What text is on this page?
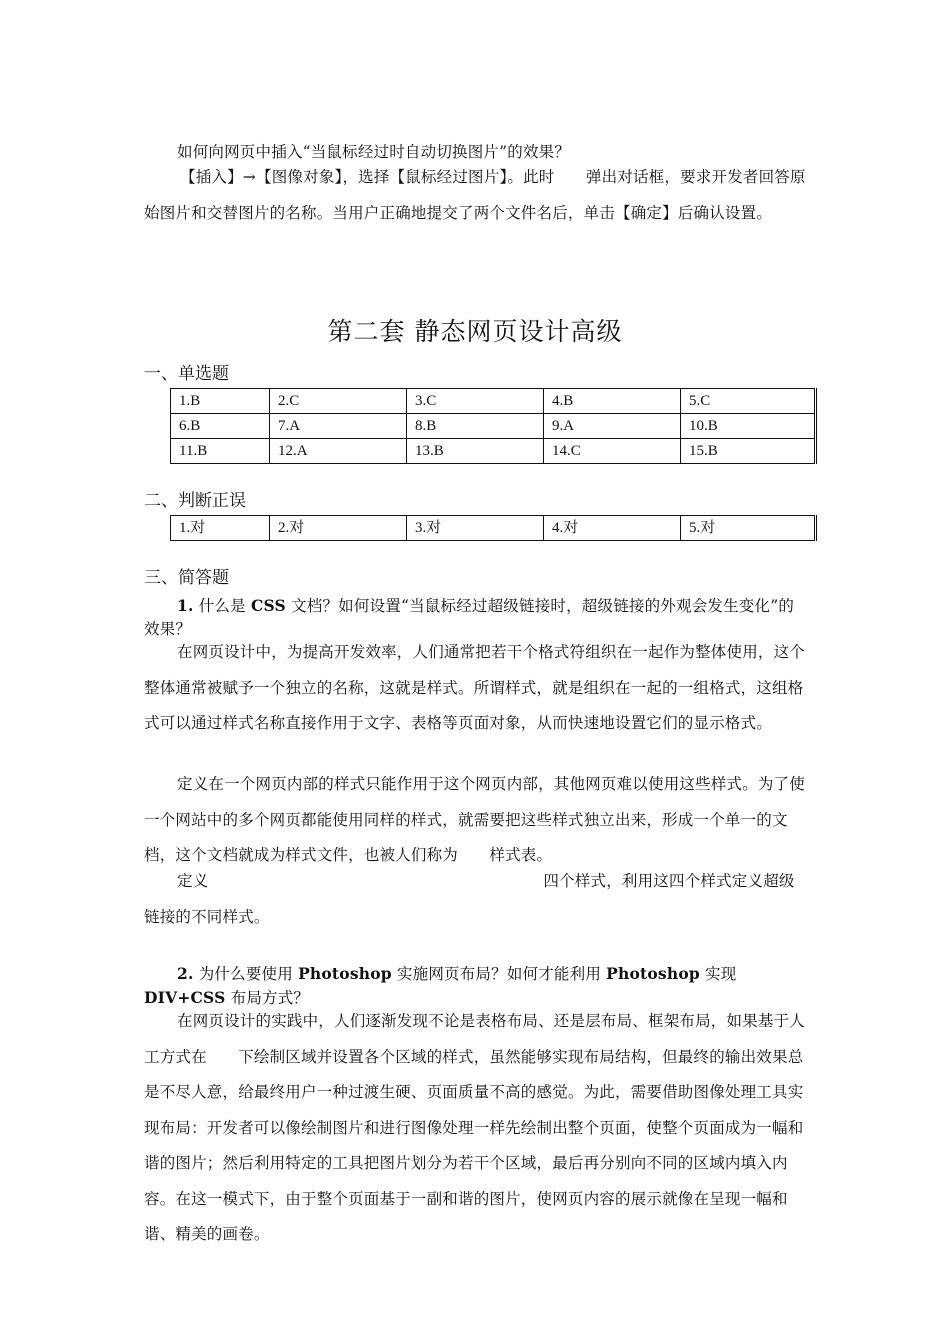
如何向网页中插入“当鼠标经过时自动切换图片”的效果？

【插入】→【图像对象】，选择【鼠标经过图片】。此时　　弹出对话框，要求开发者回答原始图片和交替图片的名称。当用户正确地提交了两个文件名后，单击【确定】后确认设置。

第二套 静态网页设计高级
一、单选题
1.B	2.C	3.C	4.B	5.C
6.B	7.A	8.B	9.A	10.B
11.B	12.A	13.B	14.C	15.B
二、判断正误
1.对	2.对	3.对	4.对	5.对
三、简答题

1. 什么是 CSS 文档？如何设置“当鼠标经过超级链接时，超级链接的外观会发生变化”的效果？

在网页设计中，为提高开发效率，人们通常把若干个格式符组织在一起作为整体使用，这个整体通常被赋予一个独立的名称，这就是样式。所谓样式，就是组织在一起的一组格式，这组格式可以通过样式名称直接作用于文字、表格等页面对象，从而快速地设置它们的显示格式。

定义在一个网页内部的样式只能作用于这个网页内部，其他网页难以使用这些样式。为了使一个网站中的多个网页都能使用同样的样式，就需要把这些样式独立出来，形成一个单一的文档，这个文档就成为样式文件，也被人们称为　　样式表。

定义	四个样式，利用这四个样式定义超级链接的不同样式。

2. 为什么要使用 Photoshop 实施网页布局？如何才能利用 Photoshop 实现 DIV+CSS 布局方式？

在网页设计的实践中，人们逐渐发现不论是表格布局、还是层布局、框架布局，如果基于人工方式在　　下绘制区域并设置各个区域的样式，虽然能够实现布局结构，但最终的输出效果总是不尽人意，给最终用户一种过渡生硬、页面质量不高的感觉。为此，需要借助图像处理工具实现布局：开发者可以像绘制图片和进行图像处理一样先绘制出整个页面，使整个页面成为一幅和谐的图片；然后利用特定的工具把图片划分为若干个区域，最后再分别向不同的区域内填入内容。在这一模式下，由于整个页面基于一副和谐的图片，使网页内容的展示就像在呈现一幅和谐、精美的画卷。
